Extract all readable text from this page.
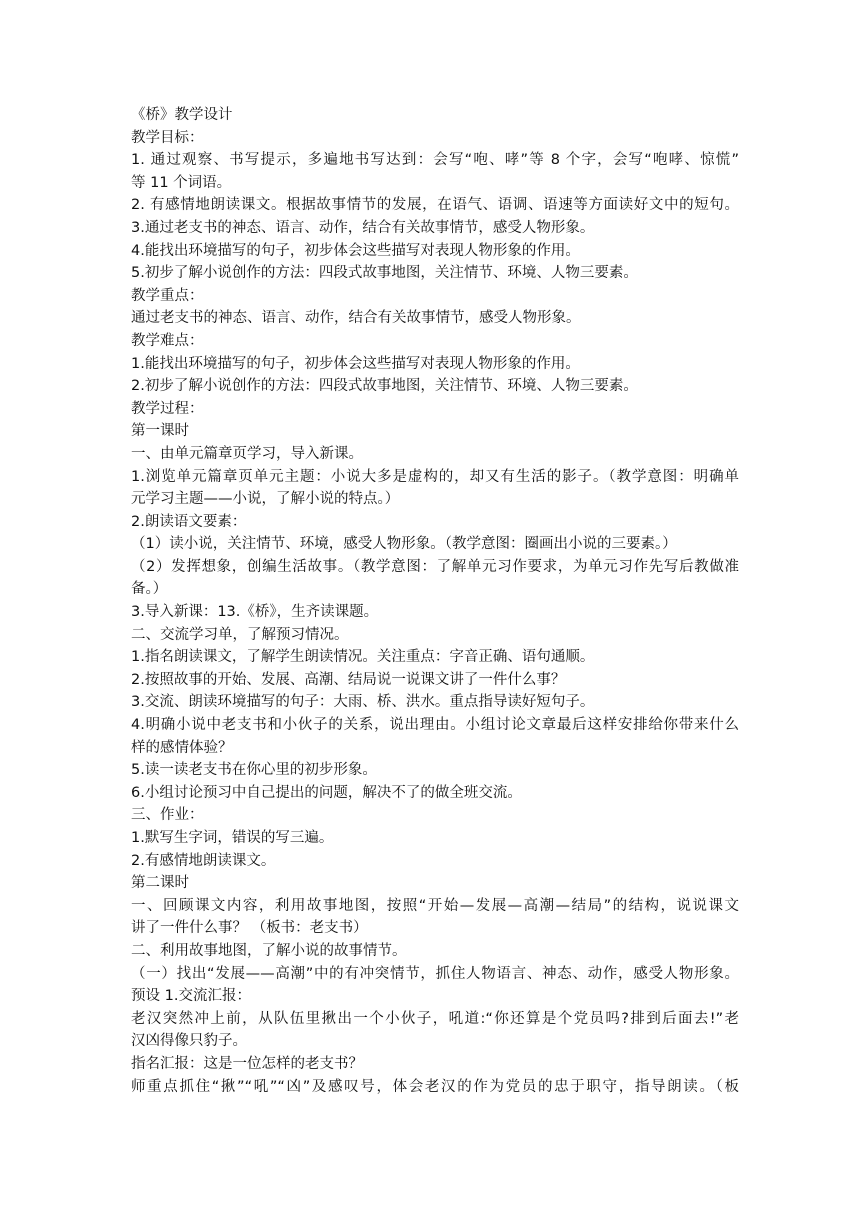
《桥》教学设计
教学目标：
1. 通过观察、书写提示，多遍地书写达到：会写“咆、哮”等 8 个字，会写“咆哮、惊慌”
等 11 个词语。
2. 有感情地朗读课文。根据故事情节的发展，在语气、语调、语速等方面读好文中的短句。
3.通过老支书的神态、语言、动作，结合有关故事情节，感受人物形象。
4.能找出环境描写的句子，初步体会这些描写对表现人物形象的作用。
5.初步了解小说创作的方法：四段式故事地图，关注情节、环境、人物三要素。
教学重点：
通过老支书的神态、语言、动作，结合有关故事情节，感受人物形象。
教学难点：
1.能找出环境描写的句子，初步体会这些描写对表现人物形象的作用。
2.初步了解小说创作的方法：四段式故事地图，关注情节、环境、人物三要素。
教学过程：
第一课时
一、由单元篇章页学习，导入新课。
1.浏览单元篇章页单元主题：小说大多是虚构的，却又有生活的影子。（教学意图：明确单
元学习主题——小说，了解小说的特点。）
2.朗读语文要素：
（1）读小说，关注情节、环境，感受人物形象。（教学意图：圈画出小说的三要素。）
（2）发挥想象，创编生活故事。（教学意图：了解单元习作要求，为单元习作先写后教做准
备。）
3.导入新课：13.《桥》，生齐读课题。
二、交流学习单，了解预习情况。
1.指名朗读课文，了解学生朗读情况。关注重点：字音正确、语句通顺。
2.按照故事的开始、发展、高潮、结局说一说课文讲了一件什么事？
3.交流、朗读环境描写的句子：大雨、桥、洪水。重点指导读好短句子。
4.明确小说中老支书和小伙子的关系，说出理由。小组讨论文章最后这样安排给你带来什么
样的感情体验？
5.读一读老支书在你心里的初步形象。
6.小组讨论预习中自己提出的问题，解决不了的做全班交流。
三、作业：
1.默写生字词，错误的写三遍。
2.有感情地朗读课文。
第二课时
一、回顾课文内容，利用故事地图，按照“开始—发展—高潮—结局”的结构，说说课文
讲了一件什么事？ （板书：老支书）
二、利用故事地图，了解小说的故事情节。
（一）找出“发展——高潮”中的有冲突情节，抓住人物语言、神态、动作，感受人物形象。
预设 1.交流汇报：
老汉突然冲上前，从队伍里揪出一个小伙子，吼道:“你还算是个党员吗?排到后面去!”老
汉凶得像只豹子。
指名汇报：这是一位怎样的老支书？
师重点抓住“揪”“吼”“凶”及感叹号，体会老汉的作为党员的忠于职守，指导朗读。（板
